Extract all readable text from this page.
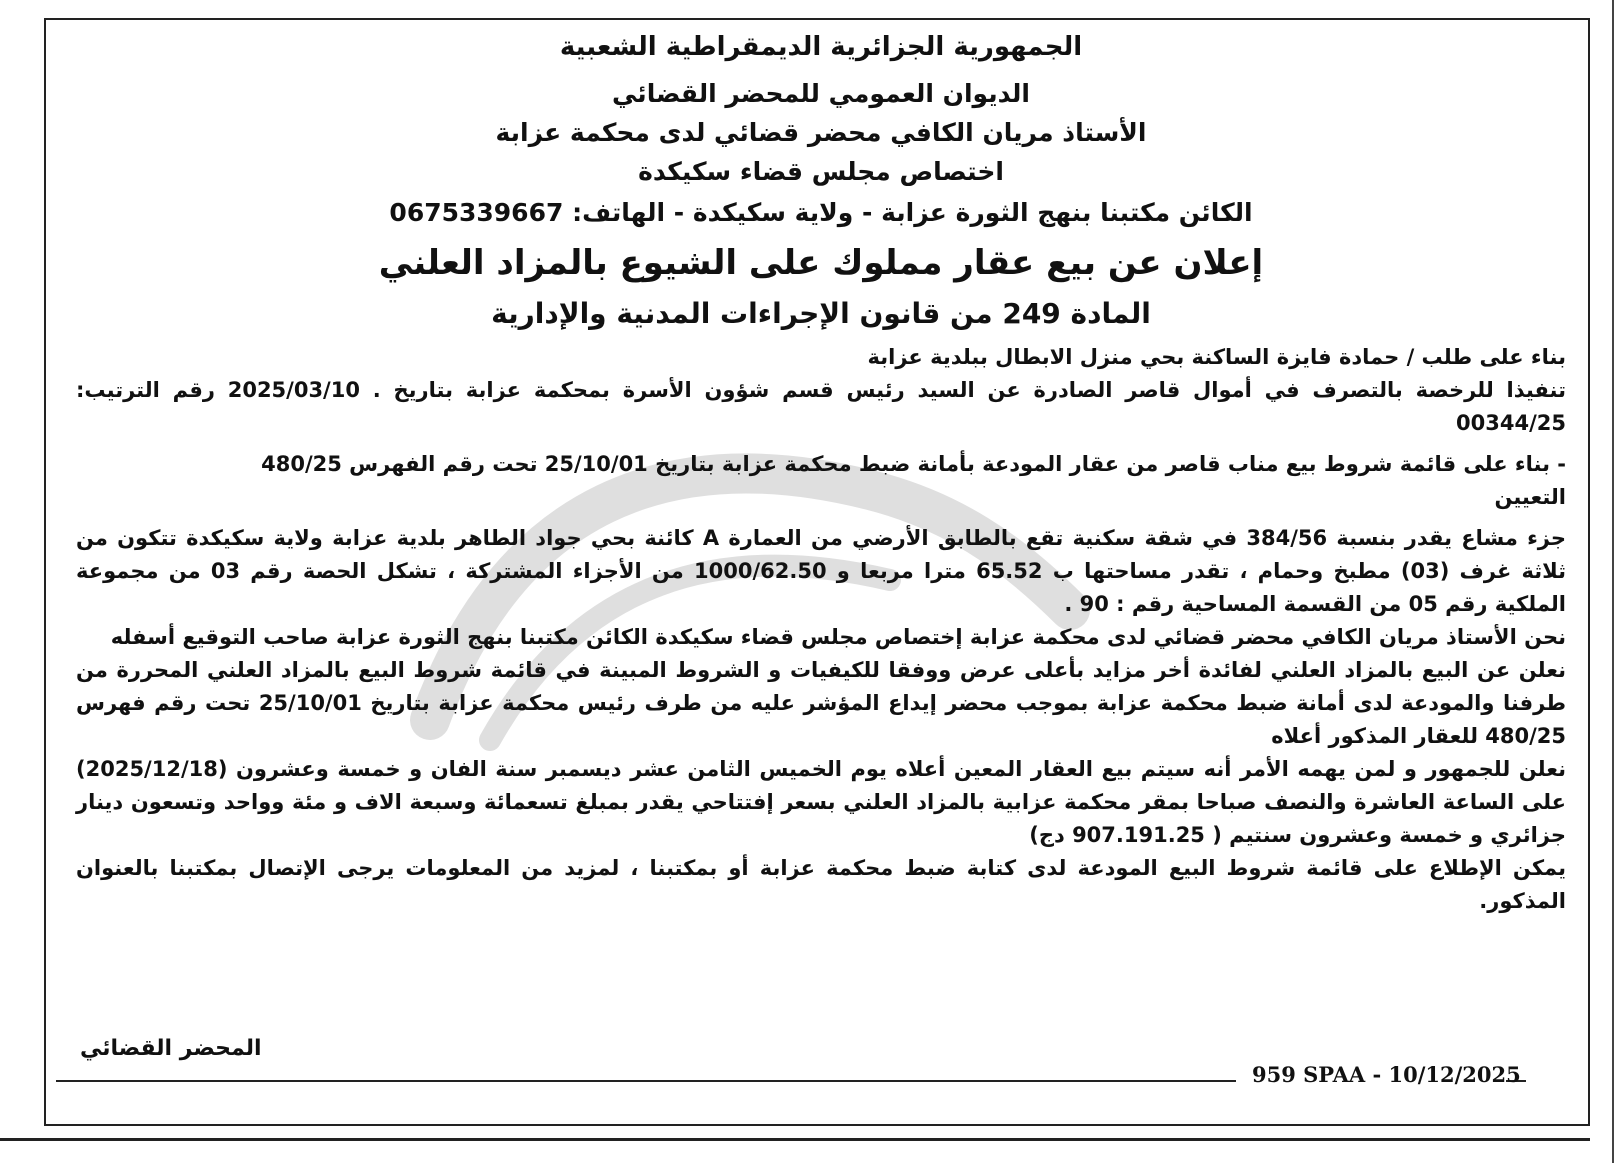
الجمهورية الجزائرية الديمقراطية الشعبية

الديوان العمومي للمحضر القضائي

الأستاذ مريان الكافي محضر قضائي لدى محكمة عزابة

اختصاص مجلس قضاء سكيكدة

الكائن مكتبنا بنهج الثورة عزابة - ولاية سكيكدة - الهاتف: 0675339667

إعلان عن بيع عقار مملوك على الشيوع بالمزاد العلني

المادة 249 من قانون الإجراءات المدنية والإدارية

بناء على طلب / حمادة فايزة الساكنة بحي منزل الابطال ببلدية عزابة

تنفيذا للرخصة بالتصرف في أموال قاصر الصادرة عن السيد رئيس قسم شؤون الأسرة بمحكمة عزابة بتاريخ . 2025/03/10 رقم الترتيب: 00344/25

- بناء على قائمة شروط بيع مناب قاصر من عقار المودعة بأمانة ضبط محكمة عزابة بتاريخ 25/10/01 تحت رقم الفهرس 480/25

التعيين

جزء مشاع يقدر بنسبة 384/56 في شقة سكنية تقع بالطابق الأرضي من العمارة A كائنة بحي جواد الطاهر بلدية عزابة ولاية سكيكدة تتكون من ثلاثة غرف (03) مطبخ وحمام ، تقدر مساحتها ب 65.52 مترا مربعا و 1000/62.50 من الأجزاء المشتركة ، تشكل الحصة رقم 03 من مجموعة الملكية رقم 05 من القسمة المساحية رقم : 90 .

نحن الأستاذ مريان الكافي محضر قضائي لدى محكمة عزابة إختصاص مجلس قضاء سكيكدة الكائن مكتبنا بنهج الثورة عزابة صاحب التوقيع أسفله

نعلن عن البيع بالمزاد العلني لفائدة أخر مزايد بأعلى عرض ووفقا للكيفيات و الشروط المبينة في قائمة شروط البيع بالمزاد العلني المحررة من طرفنا والمودعة لدى أمانة ضبط محكمة عزابة بموجب محضر إيداع المؤشر عليه من طرف رئيس محكمة عزابة بتاريخ 25/10/01 تحت رقم فهرس 480/25 للعقار المذكور أعلاه

نعلن للجمهور و لمن يهمه الأمر أنه سيتم بيع العقار المعين أعلاه يوم الخميس الثامن عشر ديسمبر سنة الفان و خمسة وعشرون (2025/12/18) على الساعة العاشرة والنصف صباحا بمقر محكمة عزابية بالمزاد العلني بسعر إفتتاحي يقدر بمبلغ تسعمائة وسبعة الاف و مئة وواحد وتسعون دينار جزائري و خمسة وعشرون سنتيم ( 907.191.25 دج)

يمكن الإطلاع على قائمة شروط البيع المودعة لدى كتابة ضبط محكمة عزابة أو بمكتبنا ، لمزيد من المعلومات يرجى الإتصال بمكتبنا بالعنوان المذكور.

المحضر القضائي
959 SPAA - 10/12/2025
